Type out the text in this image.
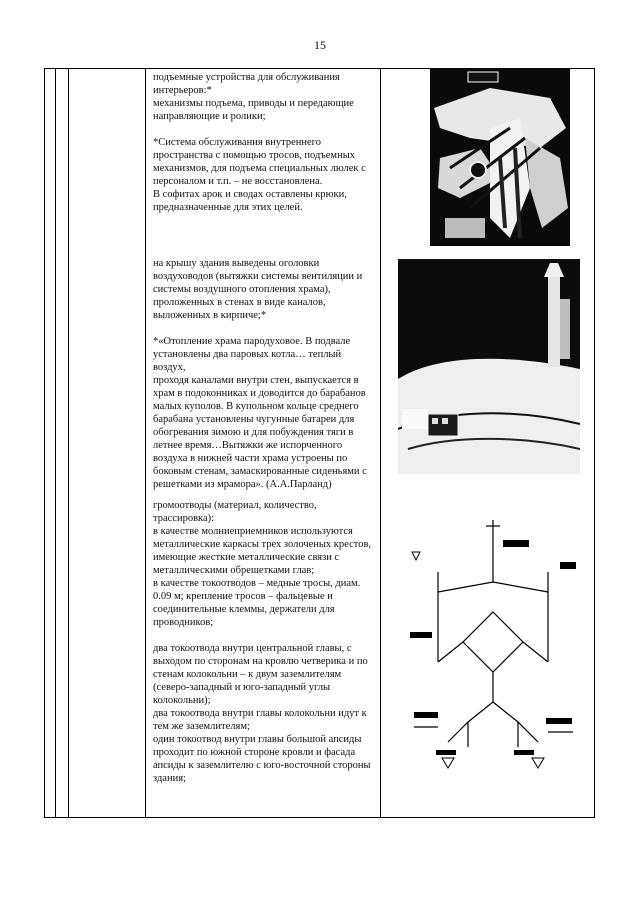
15

подъемные устройства для обслуживания

интерьеров:*

механизмы подъема, приводы и передающие

направляющие и ролики;

*Система обслуживания внутреннего

пространства с помощью тросов, подъемных

механизмов, для подъема специальных люлек с

персоналом и т.п. – не восстановлена.

В софитах арок и сводах оставлены крюки,

предназначенные для этих целей.

на крышу здания выведены оголовки

воздуховодов (вытяжки системы вентиляции и

системы воздушного отопления храма),

проложенных в стенах в виде каналов,

выложенных в кирпиче;*

*«Отопление храма пародуховое. В подвале

установлены два паровых котла… теплый воздух,

проходя каналами внутри стен, выпускается в

храм в подоконниках и доводится до барабанов

малых куполов. В купольном кольце среднего

барабана установлены чугунные батареи для

обогревания зимою и для побуждения тяги в

летнее время…Вытяжки же испорченного

воздуха в нижней части храма устроены по

боковым стенам, замаскированные сиденьями с

решетками из мрамора». (А.А.Парланд)

громоотводы (материал, количество,

трассировка):

в качестве молниеприемников используются

металлические каркасы трех золоченых крестов,

имеющие жесткие металлические связи с

металлическими обрешетками глав;

в качестве токоотводов – медные тросы, диам.

0.09 м; крепление тросов – фальцевые и

соединительные клеммы, держатели для

проводников;

два токоотвода внутри центральной главы, с

выходом по сторонам на кровлю четверика и по

стенам колокольни – к двум заземлителям

(северо-западный и юго-западный углы

колокольни);

два токоотвода внутри главы колокольни идут к

тем же заземлителям;

один токоотвод внутри главы большой апсиды

проходит по южной стороне кровли и фасада

апсиды к заземлителю с юго-восточной стороны

здания;
